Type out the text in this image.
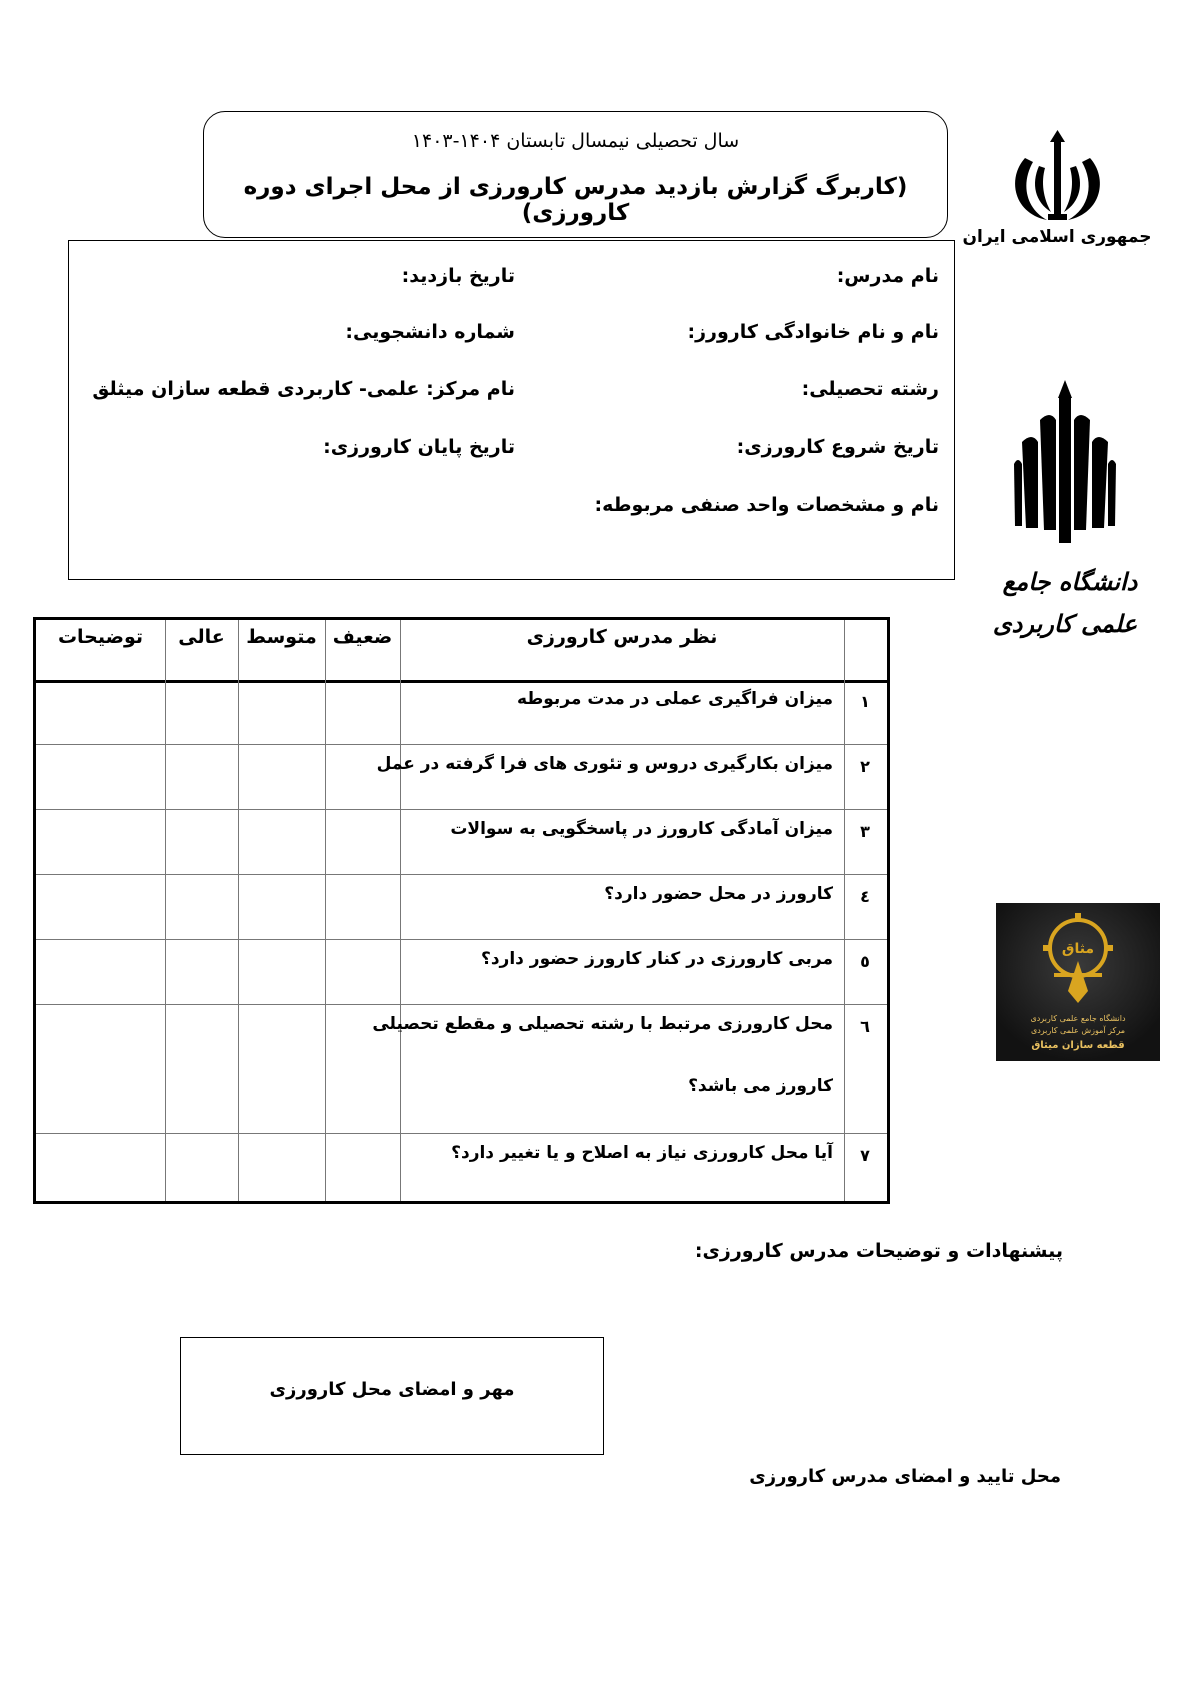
سال تحصیلی نیمسال تابستان ۱۴۰۴-۱۴۰۳
(کاربرگ گزارش بازدید مدرس کارورزی از محل اجرای دوره کارورزی)
جمهوری اسلامی ایران
دانشگاه جامع
علمی کاربردی
مثاق
دانشگاه جامع علمی کاربردی
مرکز آموزش علمی کاربردی
قطعه سازان میثاق
نام مدرس:
تاریخ بازدید:
نام و نام خانوادگی کارورز:
شماره دانشجویی:
رشته تحصیلی:
نام مرکز: علمی- کاربردی قطعه سازان میثلق
تاریخ شروع کارورزی:
تاریخ پایان کارورزی:
نام و مشخصات واحد صنفی مربوطه:
نظر مدرس کارورزی
ضعیف
متوسط
عالی
توضیحات
١
میزان فراگیری عملی در مدت مربوطه
٢
میزان بکارگیری دروس و تئوری های فرا گرفته در عمل
٣
میزان آمادگی کارورز در پاسخگویی به سوالات
٤
کارورز در محل حضور دارد؟
٥
مربی کارورزی در کنار کارورز حضور دارد؟
٦
محل کارورزی مرتبط با رشته تحصیلی و مقطع تحصیلی
کارورز می باشد؟
٧
آیا محل کارورزی نیاز به اصلاح و یا تغییر دارد؟
پیشنهادات و توضیحات مدرس کارورزی:
مهر و امضای محل کارورزی
محل تایید و امضای مدرس کارورزی
